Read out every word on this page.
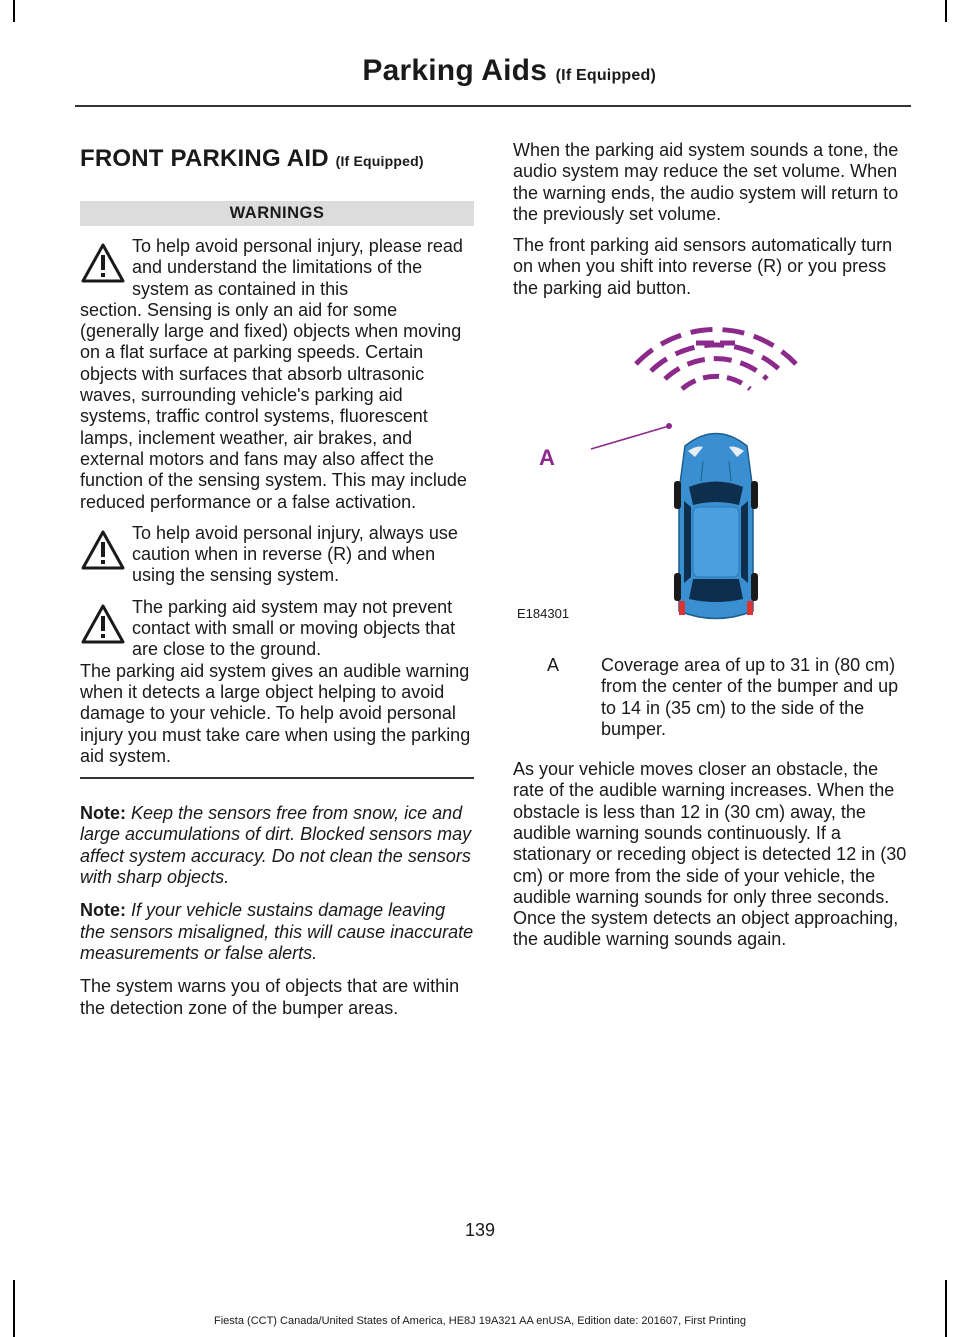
Parking Aids (If Equipped)
FRONT PARKING AID (If Equipped)
WARNINGS
To help avoid personal injury, please read and understand the limitations of the system as contained in this
section. Sensing is only an aid for some (generally large and fixed) objects when moving on a flat surface at parking speeds. Certain objects with surfaces that absorb ultrasonic waves, surrounding vehicle's parking aid systems, traffic control systems, fluorescent lamps, inclement weather, air brakes, and external motors and fans may also affect the function of the sensing system. This may include reduced performance or a false activation.
To help avoid personal injury, always use caution when in reverse (R) and when using the sensing system.
The parking aid system may not prevent contact with small or moving objects that are close to the ground.
The parking aid system gives an audible warning when it detects a large object helping to avoid damage to your vehicle. To help avoid personal injury you must take care when using the parking aid system.
Note: Keep the sensors free from snow, ice and large accumulations of dirt. Blocked sensors may affect system accuracy. Do not clean the sensors with sharp objects.
Note: If your vehicle sustains damage leaving the sensors misaligned, this will cause inaccurate measurements or false alerts.
The system warns you of objects that are within the detection zone of the bumper areas.

When the parking aid system sounds a tone, the audio system may reduce the set volume. When the warning ends, the audio system will return to the previously set volume.

The front parking aid sensors automatically turn on when you shift into reverse (R) or you press the parking aid button.

A
E184301
A Coverage area of up to 31 in (80 cm) from the center of the bumper and up to 14 in (35 cm) to the side of the bumper.

As your vehicle moves closer an obstacle, the rate of the audible warning increases. When the obstacle is less than 12 in (30 cm) away, the audible warning sounds continuously. If a stationary or receding object is detected 12 in (30 cm) or more from the side of your vehicle, the audible warning sounds for only three seconds. Once the system detects an object approaching, the audible warning sounds again.

139
Fiesta (CCT) Canada/United States of America, HE8J 19A321 AA enUSA, Edition date: 201607, First Printing
